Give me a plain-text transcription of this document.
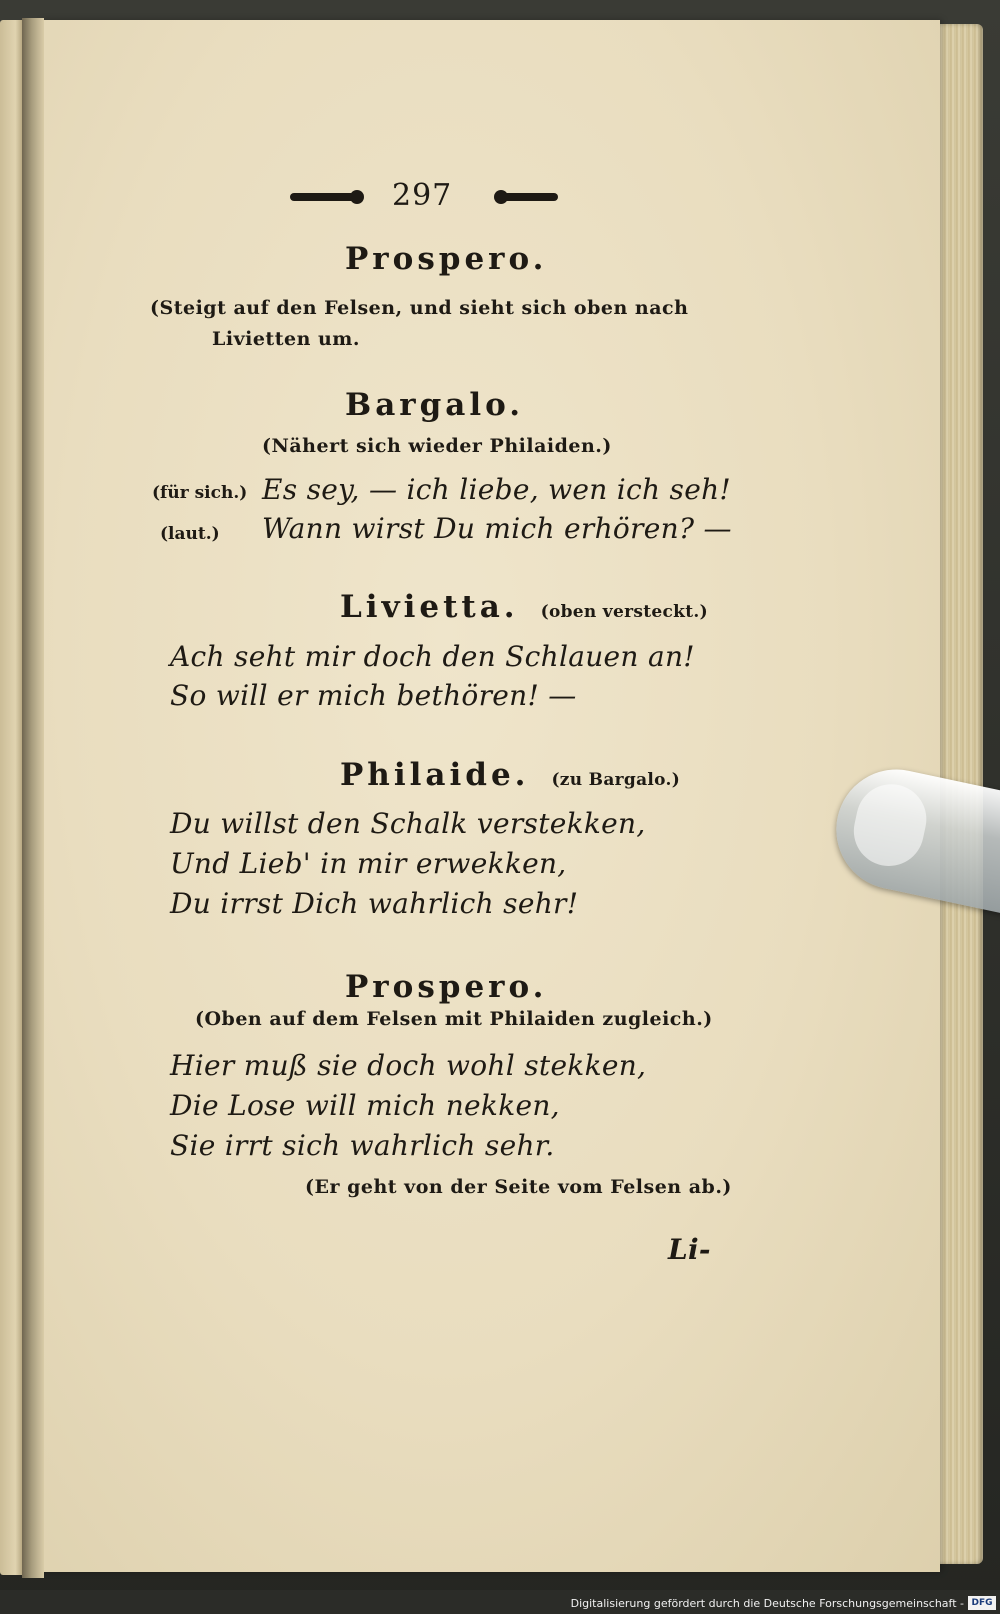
297
Prospero.
(Steigt auf den Felsen, und sieht sich oben nach
Livietten um.
Bargalo.
(Nähert sich wieder Philaiden.)
(für sich.) Es sey, — ich liebe, wen ich seh!
(laut.) Wann wirst Du mich erhören? —
Livietta. (oben versteckt.)
Ach seht mir doch den Schlauen an!
So will er mich bethören! —
Philaide. (zu Bargalo.)
Du willst den Schalk verstekken,
Und Lieb' in mir erwekken,
Du irrst Dich wahrlich sehr!
Prospero.
(Oben auf dem Felsen mit Philaiden zugleich.)
Hier muß sie doch wohl stekken,
Die Lose will mich nekken,
Sie irrt sich wahrlich sehr.
(Er geht von der Seite vom Felsen ab.)
Li-
Digitalisierung gefördert durch die Deutsche Forschungsgemeinschaft - DFG
